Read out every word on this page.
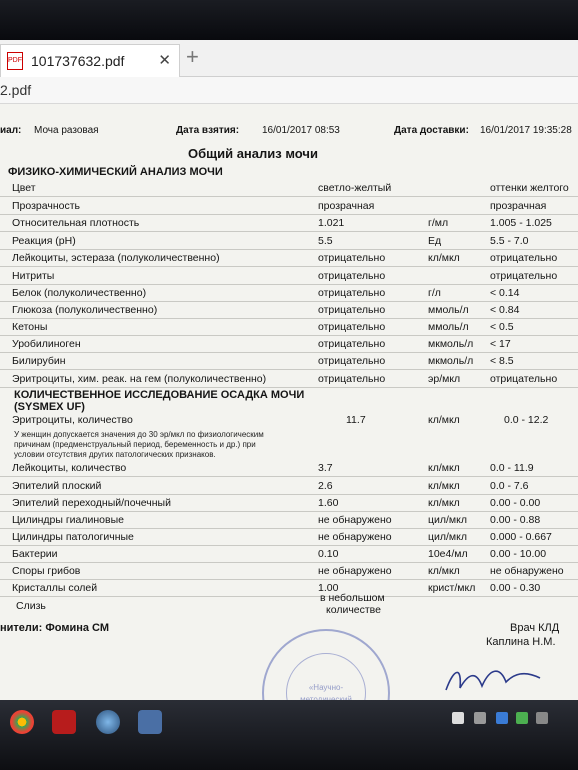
PDF 101737632.pdf ✕ +
2.pdf
иал: Моча разовая	Дата взятия: 16/01/2017 08:53	Дата доставки: 16/01/2017 19:35:28
Общий анализ мочи
ФИЗИКО-ХИМИЧЕСКИЙ АНАЛИЗ МОЧИ
Цвет	светло-желтый	оттенки желтого
Прозрачность	прозрачная	прозрачная
Относительная плотность	1.021	г/мл	1.005 - 1.025
Реакция (pH)	5.5	Ед	5.5 - 7.0
Лейкоциты, эстераза (полуколичественно)	отрицательно	кл/мкл	отрицательно
Нитриты	отрицательно	отрицательно
Белок (полуколичественно)	отрицательно	г/л	< 0.14
Глюкоза (полуколичественно)	отрицательно	ммоль/л < 0.84
Кетоны	отрицательно	ммоль/л < 0.5
Уробилиноген	отрицательно	мкмоль/л < 17
Билирубин	отрицательно	мкмоль/л < 8.5
Эритроциты, хим. реак. на гем (полуколичественно)	отрицательно	эр/мкл	отрицательно
КОЛИЧЕСТВЕННОЕ ИССЛЕДОВАНИЕ ОСАДКА МОЧИ
(SYSMEX UF)
Эритроциты, количество	11.7	кл/мкл	0.0 - 12.2
У женщин допускается значения до 30 эр/мкл по физиологическим
причинам (предменструальный период, беременность и др.) при
условии отсутствия других патологических признаков.
Лейкоциты, количество	3.7	кл/мкл	0.0 - 11.9
Эпителий плоский	2.6	кл/мкл	0.0 - 7.6
Эпителий переходный/почечный	1.60	кл/мкл	0.00 - 0.00
Цилиндры гиалиновые	не обнаружено	цил/мкл 0.00 - 0.88
Цилиндры патологичные	не обнаружено	цил/мкл 0.000 - 0.667
Бактерии	0.10	10е4/мл 0.00 - 10.00
Споры грибов	не обнаружено	кл/мкл	не обнаружено
Кристаллы солей	1.00	крист/мкл 0.00 - 0.30
Слизь
в небольшом
количестве
нители: Фомина СМ	Врач КЛД
Каплина Н.М.
«Научно-
